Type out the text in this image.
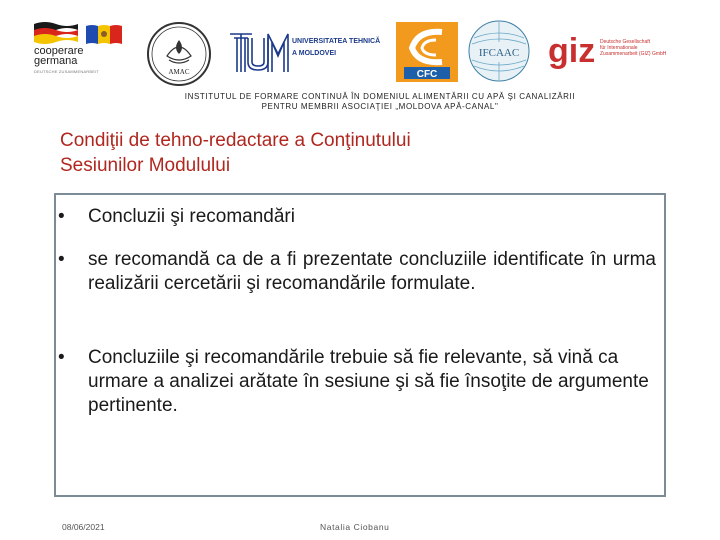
cooperare
germana
DEUTSCHE ZUSAMMENARBEIT	AMAC
UNIVERSITATEA TEHNICĂ
A MOLDOVEI
CFC
IFCAAC giz Deutsche Gesellschaft
für Internationale
Zusammenarbeit (GIZ) GmbH
INSTITUTUL DE FORMARE CONTINUĂ ÎN DOMENIUL ALIMENTĂRII CU APĂ ŞI CANALIZĂRII
PENTRU MEMBRII ASOCIAŢIEI „MOLDOVA APĂ-CANAL"
Condiţii de tehno-redactare a Conţinutului
Sesiunilor Modulului
• Concluzii şi recomandări
• se recomandă ca de a fi prezentate concluziile identificate în urma realizării cercetării şi recomandările formulate.
• Concluziile şi recomandările trebuie să fie relevante, să vină ca urmare a analizei arătate în sesiune şi să fie însoţite de argumente pertinente.
08/06/2021	Natalia Ciobanu
